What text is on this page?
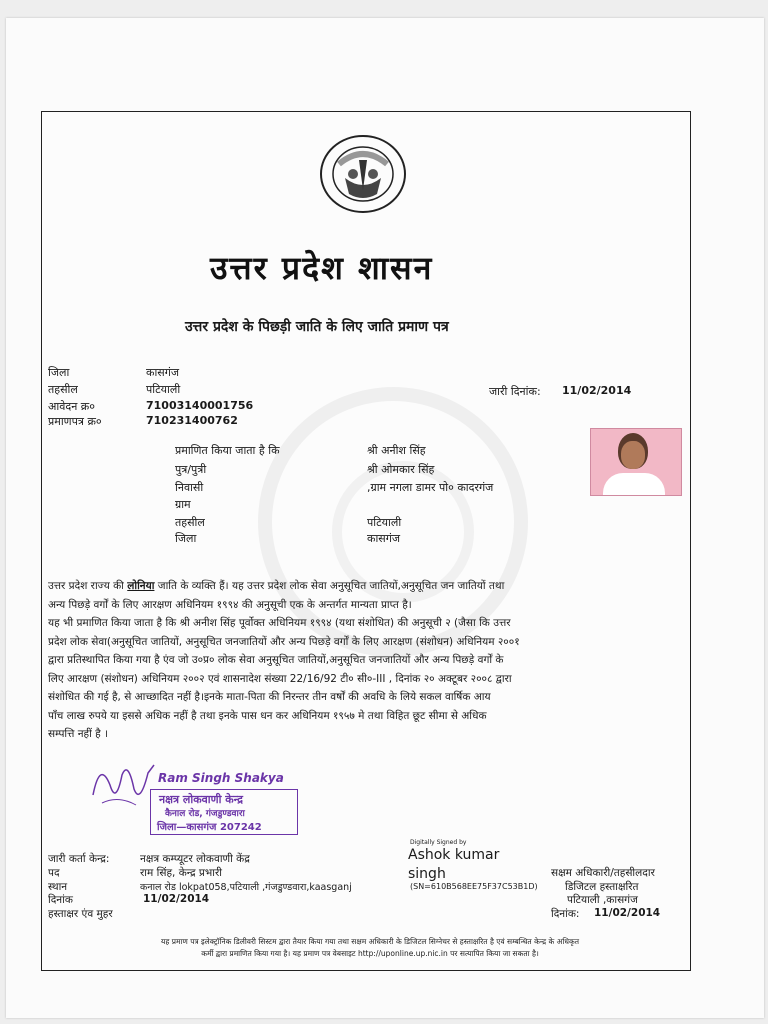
उत्तर प्रदेश शासन
उत्तर प्रदेश के पिछड़ी जाति के लिए जाति प्रमाण पत्र
जिला	कासगंज
तहसील	पटियाली
आवेदन क्र०	71003140001756
प्रमाणपत्र क्र०	710231400762
जारी दिनांक: 11/02/2014
प्रमाणित किया जाता है कि	श्री अनीश सिंह
पुत्र/पुत्री	श्री ओमकार सिंह
निवासी	,ग्राम नगला डामर पो० कादरगंज
ग्राम
तहसील	पटियाली
जिला	कासगंज
उत्तर प्रदेश राज्य की लोनिया जाति के व्यक्ति हैं। यह उत्तर प्रदेश लोक सेवा अनुसूचित जातियों,अनुसूचित जन जातियों तथा
अन्य पिछड़े वर्गों के लिए आरक्षण अधिनियम १९९४ की अनुसूची एक के अन्तर्गत मान्यता प्राप्त है।
यह भी प्रमाणित किया जाता है कि श्री अनीश सिंह पूर्वोक्त अधिनियम १९९४ (यथा संशोधित) की अनुसूची २ (जैसा कि उत्तर
प्रदेश लोक सेवा(अनुसूचित जातियों, अनुसूचित जनजातियों और अन्य पिछड़े वर्गों के लिए आरक्षण (संशोधन) अधिनियम २००१
द्वारा प्रतिस्थापित किया गया है एंव जो उ०प्र० लोक सेवा अनुसूचित जातियों,अनुसूचित जनजातियों और अन्य पिछड़े वर्गों के
लिए आरक्षण (संशोधन) अधिनियम २००२ एवं शासनादेश संख्या 22/16/92 टी० सी०-III , दिनांक २० अक्टूबर २००८ द्वारा
संशोधित की गई है, से आच्छादित नहीं है।इनके माता-पिता की निरन्तर तीन वर्षों की अवधि के लिये सकल वार्षिक आय
पाँच लाख रुपये या इससे अधिक नहीं है तथा इनके पास धन कर अधिनियम १९५७ मे तथा विहित छूट सीमा से अधिक
सम्पत्ति नहीं है ।
Ram Singh Shakya
नक्षत्र लोकवाणी केन्द्र
कैनाल रोड, गंजडुण्डवारा
जिला—कासगंज 207242
जारी कर्ता केन्द्र:	नक्षत्र कम्प्यूटर लोकवाणी केंद्र
पद	राम सिंह, केन्द्र प्रभारी
स्थान	कनाल रोड lokpat058,पटियाली ,गंजडुण्डवारा,kaasganj
दिनांक	11/02/2014
हस्ताक्षर एंव मुहर
Digitally Signed by
Ashok kumar
singh
(SN=610B568EE75F37C53B1D)
सक्षम अधिकारी/तहसीलदार
डिजिटल हस्ताक्षरित
पटियाली ,कासगंज
दिनांक: 11/02/2014
यह प्रमाण पत्र इलेक्ट्रॉनिक डिलीवरी सिस्टम द्वारा तैयार किया गया तथा सक्षम अधिकारी के डिजिटल सिग्नेचर से हस्ताक्षरित है एवं सम्बन्धित केन्द्र के अधिकृत
कर्मी द्वारा प्रमाणित किया गया है। यह प्रमाण पत्र वेबसाइट http://uponline.up.nic.in पर सत्यापित किया जा सकता है।
